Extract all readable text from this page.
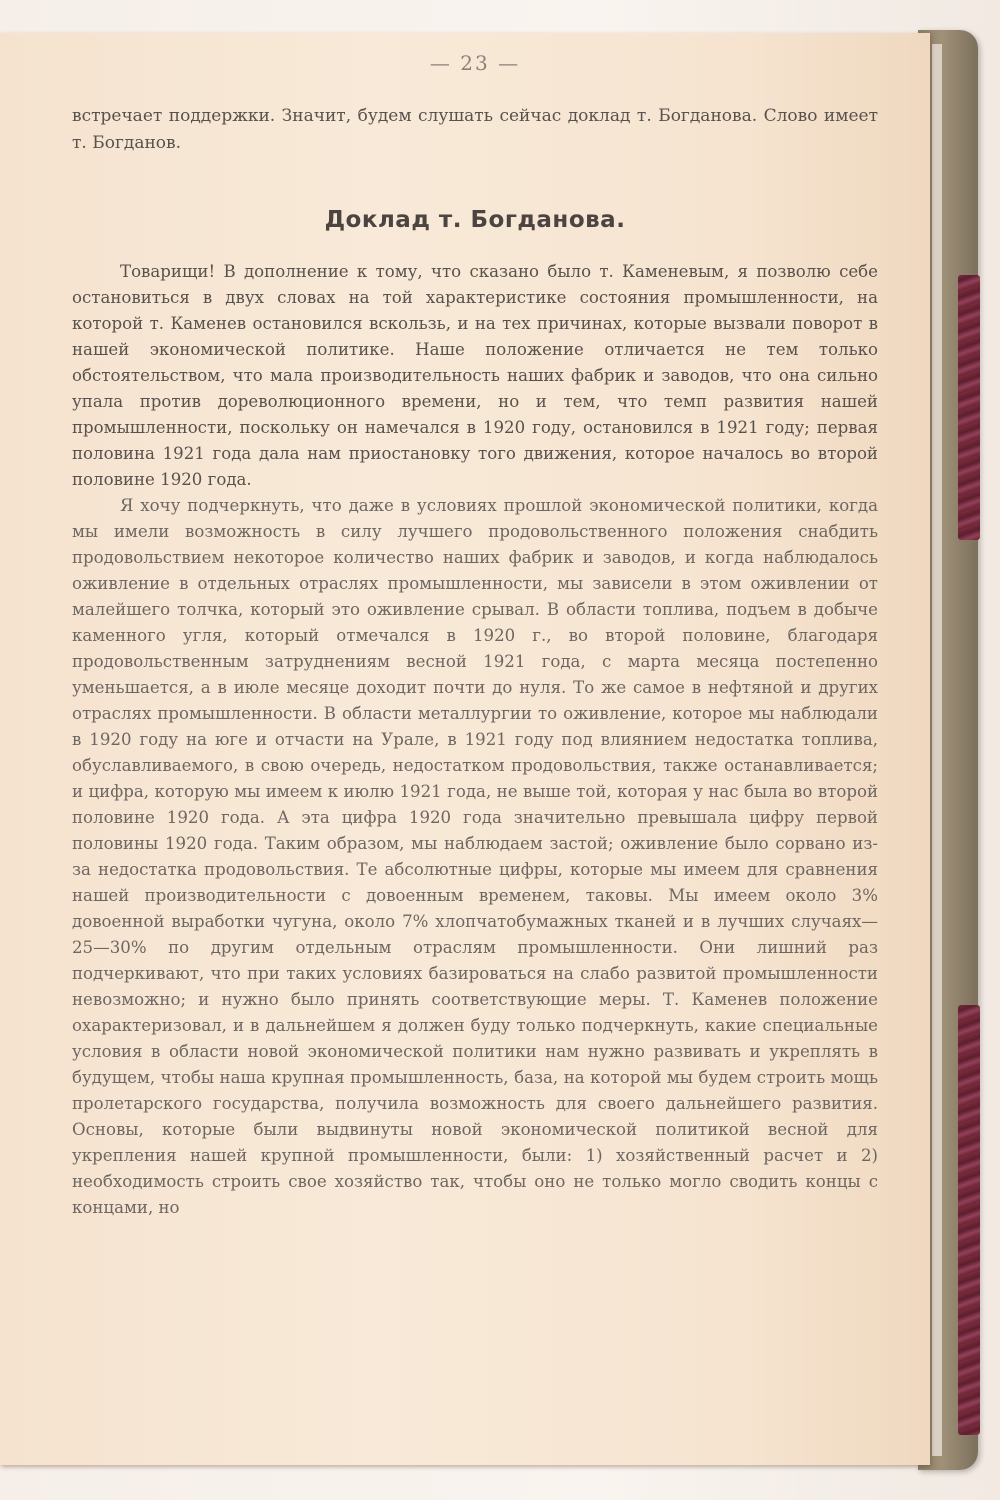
— 23 —

встречает поддержки. Значит, будем слушать сейчас доклад т. Богданова. Слово имеет т. Богданов.

Доклад т. Богданова.

Товарищи! В дополнение к тому, что сказано было т. Каменевым, я позволю себе остановиться в двух словах на той характеристике состояния промышленности, на которой т. Каменев остановился вскользь, и на тех причинах, которые вызвали поворот в нашей экономической политике. Наше положение отличается не тем только обстоятельством, что мала производительность наших фабрик и заводов, что она сильно упала против дореволюционного времени, но и тем, что темп развития нашей промышленности, поскольку он намечался в 1920 году, остановился в 1921 году; первая половина 1921 года дала нам приостановку того движения, которое началось во второй половине 1920 года.

Я хочу подчеркнуть, что даже в условиях прошлой экономической политики, когда мы имели возможность в силу лучшего продовольственного положения снабдить продовольствием некоторое количество наших фабрик и заводов, и когда наблюдалось оживление в отдельных отраслях промышленности, мы зависели в этом оживлении от малейшего толчка, который это оживление срывал. В области топлива, подъем в добыче каменного угля, который отмечался в 1920 г., во второй половине, благодаря продовольственным затруднениям весной 1921 года, с марта месяца постепенно уменьшается, а в июле месяце доходит почти до нуля. То же самое в нефтяной и других отраслях промышленности. В области металлургии то оживление, которое мы наблюдали в 1920 году на юге и отчасти на Урале, в 1921 году под влиянием недостатка топлива, обуславливаемого, в свою очередь, недостатком продовольствия, также останавливается; и цифра, которую мы имеем к июлю 1921 года, не выше той, которая у нас была во второй половине 1920 года. А эта цифра 1920 года значительно превышала цифру первой половины 1920 года. Таким образом, мы наблюдаем застой; оживление было сорвано из-за недостатка продовольствия. Те абсолютные цифры, которые мы имеем для сравнения нашей производительности с довоенным временем, таковы. Мы имеем около 3% довоенной выработки чугуна, около 7% хлопчатобумажных тканей и в лучших случаях—25—30% по другим отдельным отраслям промышленности. Они лишний раз подчеркивают, что при таких условиях базироваться на слабо развитой промышленности невозможно; и нужно было принять соответствующие меры. Т. Каменев положение охарактеризовал, и в дальнейшем я должен буду только подчеркнуть, какие специальные условия в области новой экономической политики нам нужно развивать и укреплять в будущем, чтобы наша крупная промышленность, база, на которой мы будем строить мощь пролетарского государства, получила возможность для своего дальнейшего развития. Основы, которые были выдвинуты новой экономической политикой весной для укрепления нашей крупной промышленности, были: 1) хозяйственный расчет и 2) необходимость строить свое хозяйство так, чтобы оно не только могло сводить концы с концами, но
